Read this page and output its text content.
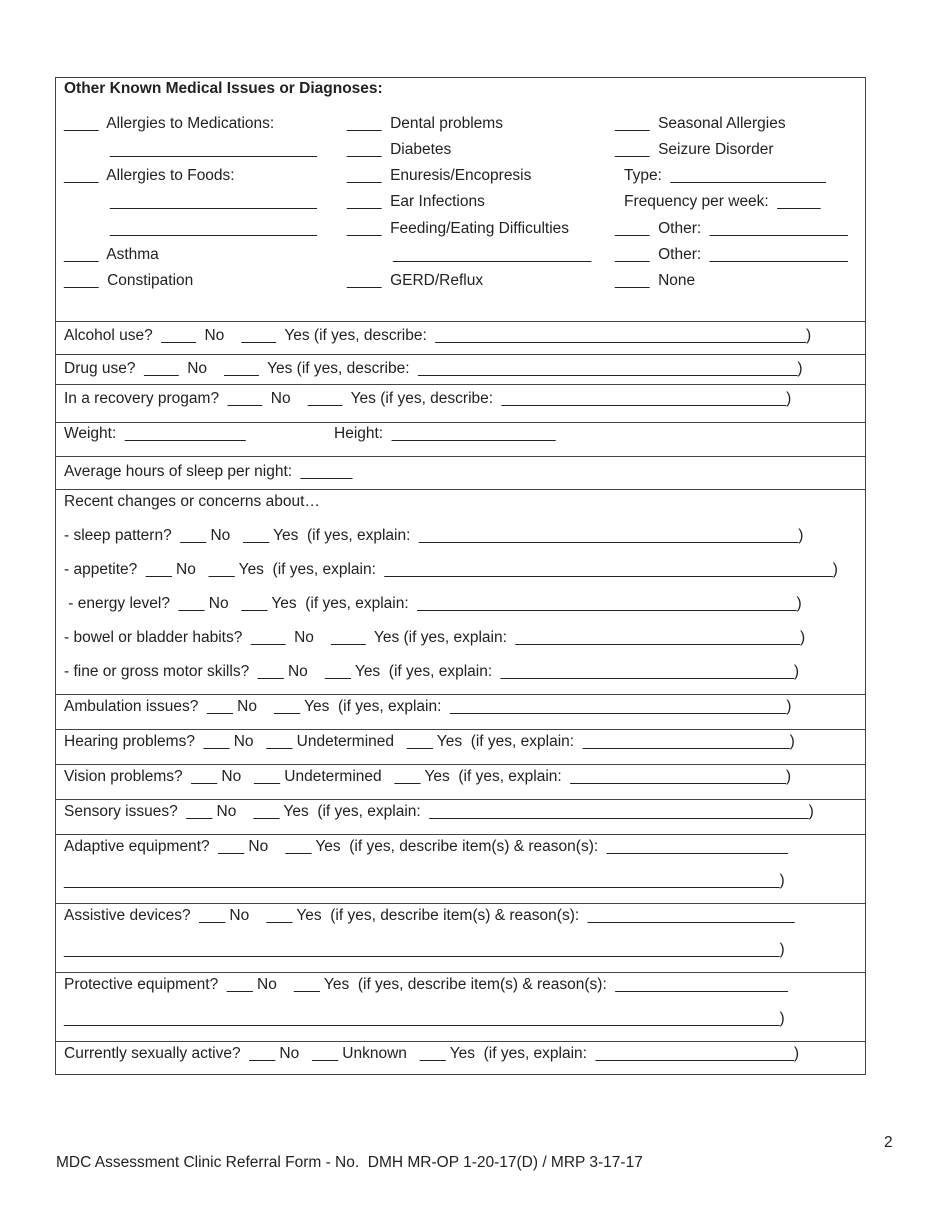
Other Known Medical Issues or Diagnoses:
____  Allergies to Medications:
________________________
____  Allergies to Foods:
________________________
________________________
____  Asthma
____  Constipation
____  Dental problems
____  Diabetes
____  Enuresis/Encopresis
____  Ear Infections
____  Feeding/Eating Difficulties
_______________________
____  GERD/Reflux
____  Seasonal Allergies
____  Seizure Disorder
Type:  __________________
Frequency per week:  _____
____  Other:  ________________
____  Other:  ________________
____  None
Alcohol use?  ____  No    ____  Yes (if yes, describe:  ___________________________________________)
Drug use?  ____  No    ____  Yes (if yes, describe:  ____________________________________________)
In a recovery progam?  ____  No    ____  Yes (if yes, describe:  _________________________________)
Weight:  ______________	Height:  ___________________
Average hours of sleep per night:  ______
Recent changes or concerns about…
- sleep pattern?  ___ No   ___ Yes  (if yes, explain:  ____________________________________________)
- appetite?  ___ No   ___ Yes  (if yes, explain:  ____________________________________________________)
- energy level?  ___ No   ___ Yes  (if yes, explain:  ____________________________________________)
- bowel or bladder habits?  ____  No    ____  Yes (if yes, explain:  _________________________________)
- fine or gross motor skills?  ___ No    ___ Yes  (if yes, explain:  __________________________________)
Ambulation issues?  ___ No    ___ Yes  (if yes, explain:  _______________________________________)
Hearing problems?  ___ No   ___ Undetermined   ___ Yes  (if yes, explain:  ________________________)
Vision problems?  ___ No   ___ Undetermined   ___ Yes  (if yes, explain:  _________________________)
Sensory issues?  ___ No    ___ Yes  (if yes, explain:  ____________________________________________)
Adaptive equipment?  ___ No    ___ Yes  (if yes, describe item(s) & reason(s):  _____________________
___________________________________________________________________________________)
Assistive devices?  ___ No    ___ Yes  (if yes, describe item(s) & reason(s):  ________________________
___________________________________________________________________________________)
Protective equipment?  ___ No    ___ Yes  (if yes, describe item(s) & reason(s):  ____________________
___________________________________________________________________________________)
Currently sexually active?  ___ No   ___ Unknown   ___ Yes  (if yes, explain:  _______________________)
2
MDC Assessment Clinic Referral Form - No.  DMH MR-OP 1-20-17(D) / MRP 3-17-17
